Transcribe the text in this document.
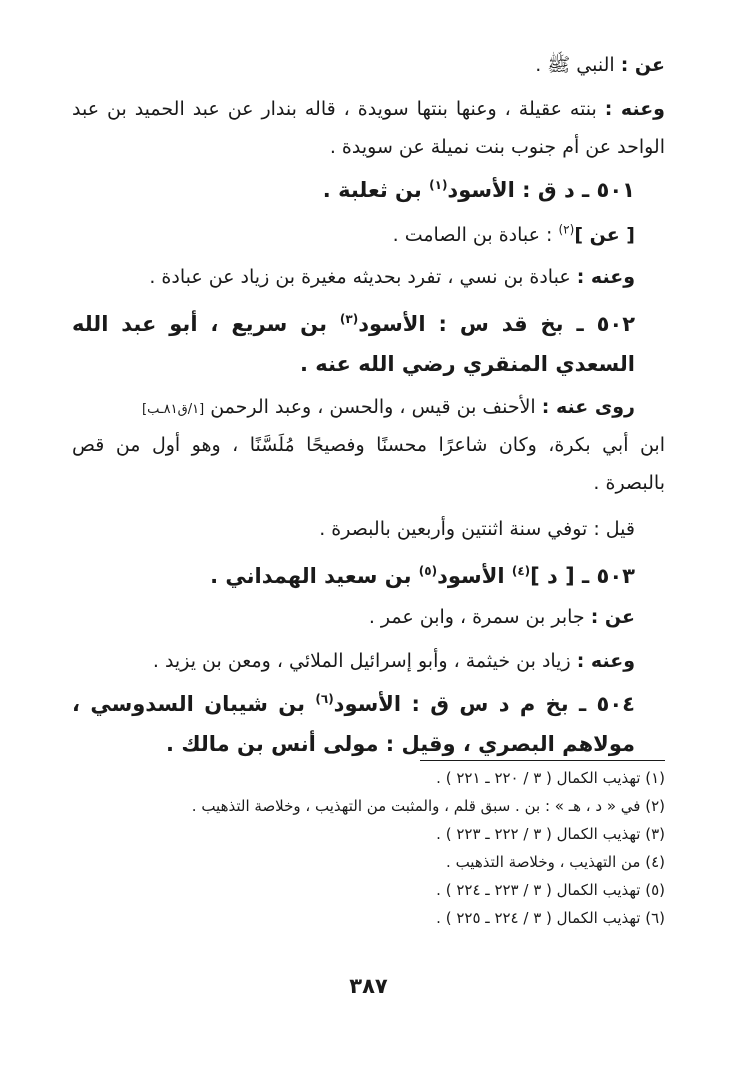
عن : النبي ﷺ .
وعنه : بنته عقيلة ، وعنها بنتها سويدة ، قاله بندار عن عبد الحميد بن عبد الواحد عن أم جنوب بنت نميلة عن سويدة .
٥٠١ ـ د ق : الأسود$^{(١)}$ بن ثعلبة .
[ عن ]$^{(٢)}$ : عبادة بن الصامت .
وعنه : عبادة بن نسي ، تفرد بحديثه مغيرة بن زياد عن عبادة .
٥٠٢ ـ بخ قد س : الأسود$^{(٣)}$ بن سريع ، أبو عبد الله السعدي المنقري رضي الله عنه .
روى عنه : الأحنف بن قيس ، والحسن ، وعبد الرحمن [١/ق٨١ـب]
ابن أبي بكرة، وكان شاعرًا محسنًا وفصيحًا مُلَسَّنًا ، وهو أول من قص بالبصرة .
قيل : توفي سنة اثنتين وأربعين بالبصرة .
٥٠٣ ـ [ د ]$^{(٤)}$ الأسود$^{(٥)}$ بن سعيد الهمداني .
عن : جابر بن سمرة ، وابن عمر .
وعنه : زياد بن خيثمة ، وأبو إسرائيل الملائي ، ومعن بن يزيد .
٥٠٤ ـ بخ م د س ق : الأسود$^{(٦)}$ بن شيبان السدوسي ، مولاهم البصري ، وقيل : مولى أنس بن مالك .
(١) تهذيب الكمال ( ٣ / ٢٢٠ ـ ٢٢١ ) .
(٢) في « د ، هـ » : بن . سبق قلم ، والمثبت من التهذيب ، وخلاصة التذهيب .
(٣) تهذيب الكمال ( ٣ / ٢٢٢ ـ ٢٢٣ ) .
(٤) من التهذيب ، وخلاصة التذهيب .
(٥) تهذيب الكمال ( ٣ / ٢٢٣ ـ ٢٢٤ ) .
(٦) تهذيب الكمال ( ٣ / ٢٢٤ ـ ٢٢٥ ) .
٣٨٧
